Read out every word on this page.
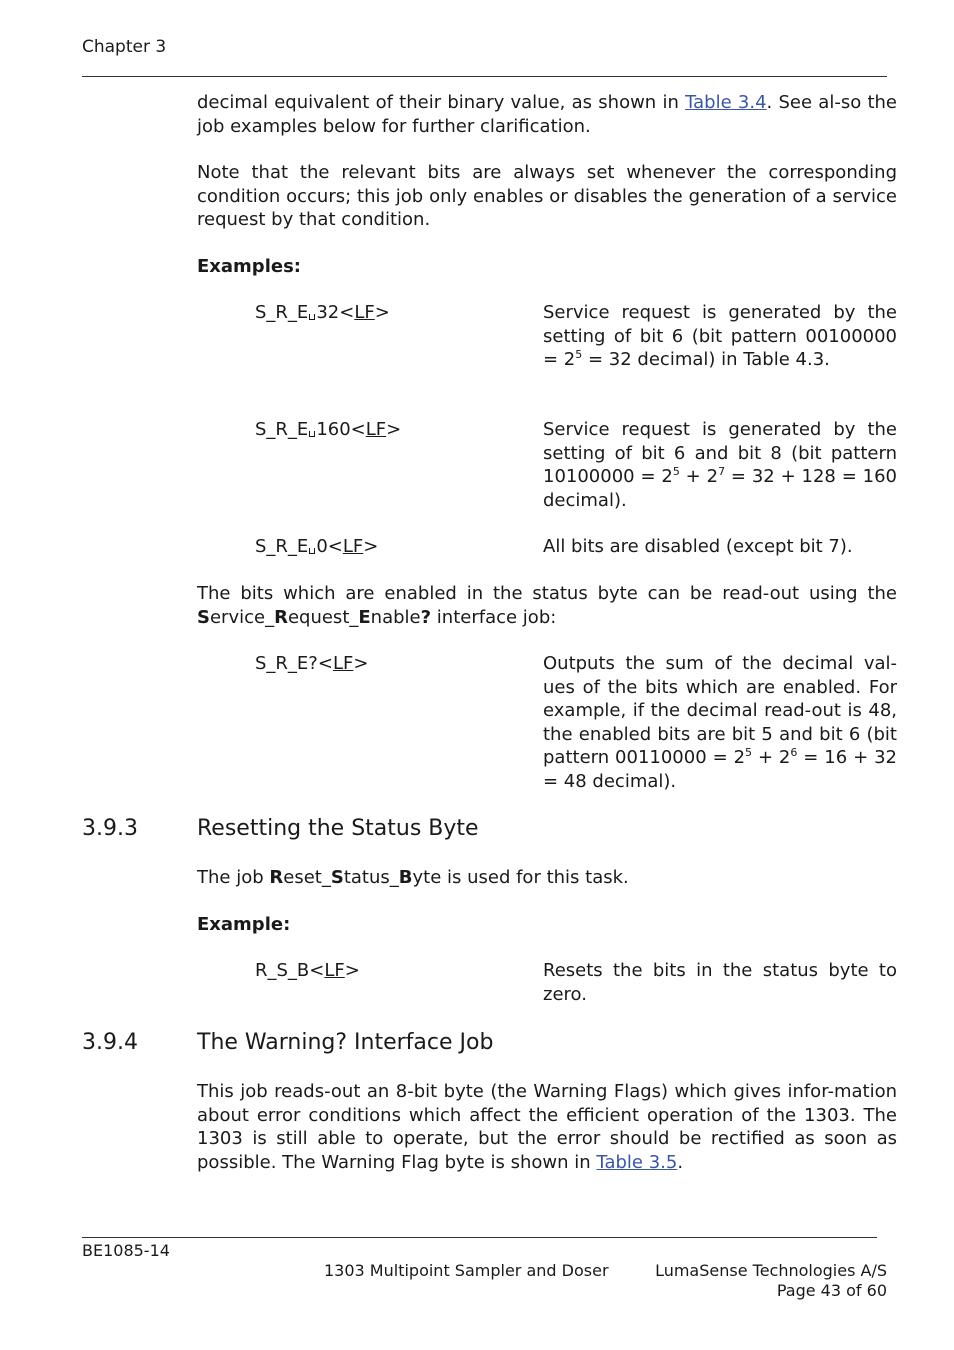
Chapter 3
decimal equivalent of their binary value, as shown in Table 3.4. See al-so the job examples below for further clarification.
Note that the relevant bits are always set whenever the corresponding condition occurs; this job only enables or disables the generation of a service request by that condition.
Examples:
S_R_E 32<LF>	Service request is generated by the setting of bit 6 (bit pattern $00100000 = 2^5 = 32$ decimal) in Table 4.3.
S_R_E 160<LF>	Service request is generated by the setting of bit 6 and bit 8 (bit pattern $10100000 = 2^5 + 2^7 = 32 + 128 = 160$ decimal).
S_R_E 0<LF>	All bits are disabled (except bit 7).
The bits which are enabled in the status byte can be read-out using the Service_Request_Enable? interface job:
S_R_E?<LF>	Outputs the sum of the decimal val-ues of the bits which are enabled. For example, if the decimal read-out is 48, the enabled bits are bit 5 and bit 6 (bit pattern $00110000 = 2^5 + 2^6 = 16 + 32 = 48$ decimal).
3.9.3	Resetting the Status Byte
The job Reset_Status_Byte is used for this task.
Example:
R_S_B<LF>	Resets the bits in the status byte to zero.
3.9.4	The Warning? Interface Job
This job reads-out an 8-bit byte (the Warning Flags) which gives infor-mation about error conditions which affect the efficient operation of the 1303. The 1303 is still able to operate, but the error should be rectified as soon as possible. The Warning Flag byte is shown in Table 3.5.
BE1085-14
1303 Multipoint Sampler and Doser	LumaSense Technologies A/S
Page 43 of 60
